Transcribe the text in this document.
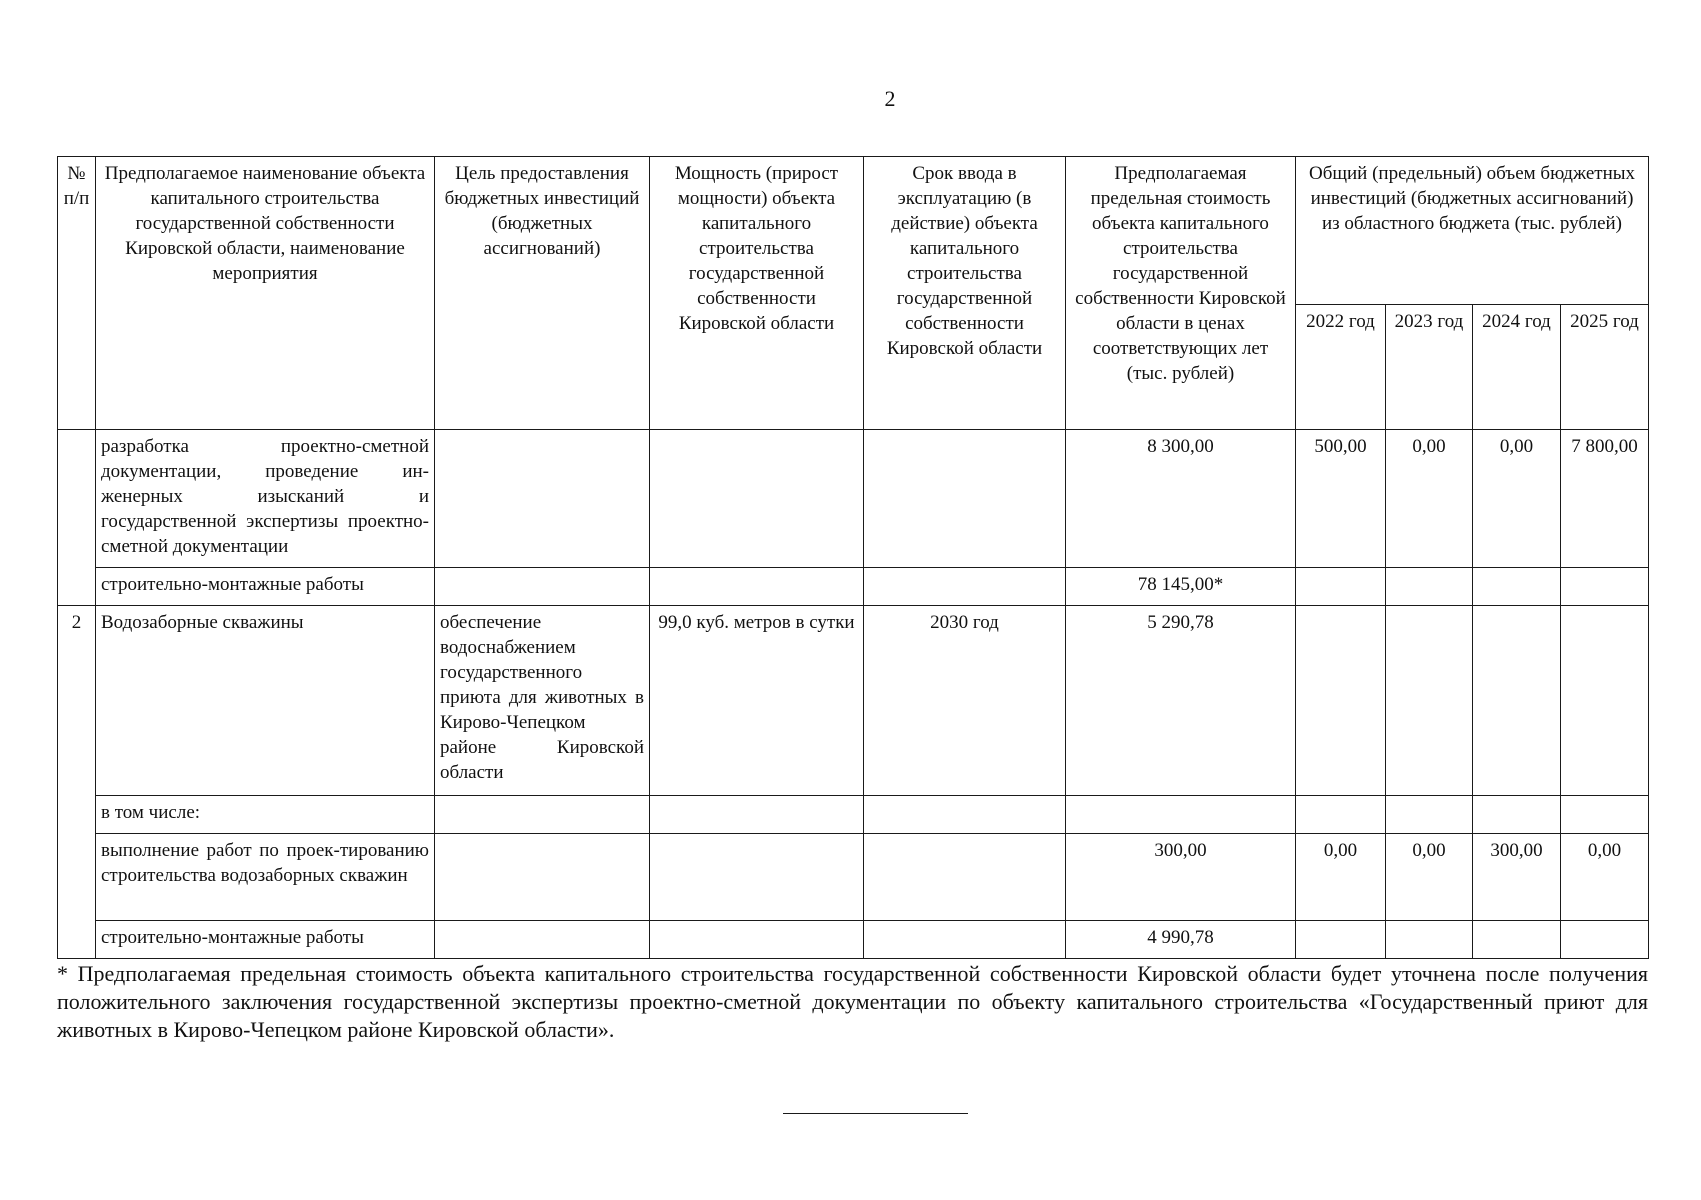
2
№ п/п	Предполагаемое наименование объекта капитального строительства государственной собственности Кировской области, наименование мероприятия	Цель предоставления бюджетных инвестиций (бюджетных ассигнований)	Мощность (прирост мощности) объекта капитального строительства государственной собственности Кировской области	Срок ввода в эксплуатацию (в действие) объекта капитального строительства государственной собственности Кировской области	Предполагаемая предельная стоимость объекта капитального строительства государственной собственности Кировской области в ценах соответствующих лет (тыс. рублей)	Общий (предельный) объем бюджетных инвестиций (бюджетных ассигнований) из областного бюджета (тыс. рублей)			
						2022 год	2023 год	2024 год	2025 год
	разработка проектно-сметной документации, проведение ин-женерных изысканий и государственной экспертизы проектно-сметной документации				8 300,00	500,00	0,00	0,00	7 800,00
	строительно-монтажные работы				78 145,00*				
2	Водозаборные скважины	обеспечение водоснабжением государственного приюта для животных в Кирово-Чепецком районе Кировской области	99,0 куб. метров в сутки	2030 год	5 290,78				
	в том числе:								
	выполнение работ по проек-тированию строительства водозаборных скважин				300,00	0,00	0,00	300,00	0,00
	строительно-монтажные работы				4 990,78				
* Предполагаемая предельная стоимость объекта капитального строительства государственной собственности Кировской области будет уточнена после получения положительного заключения государственной экспертизы проектно-сметной документации по объекту капитального строительства «Государственный приют для животных в Кирово-Чепецком районе Кировской области».
